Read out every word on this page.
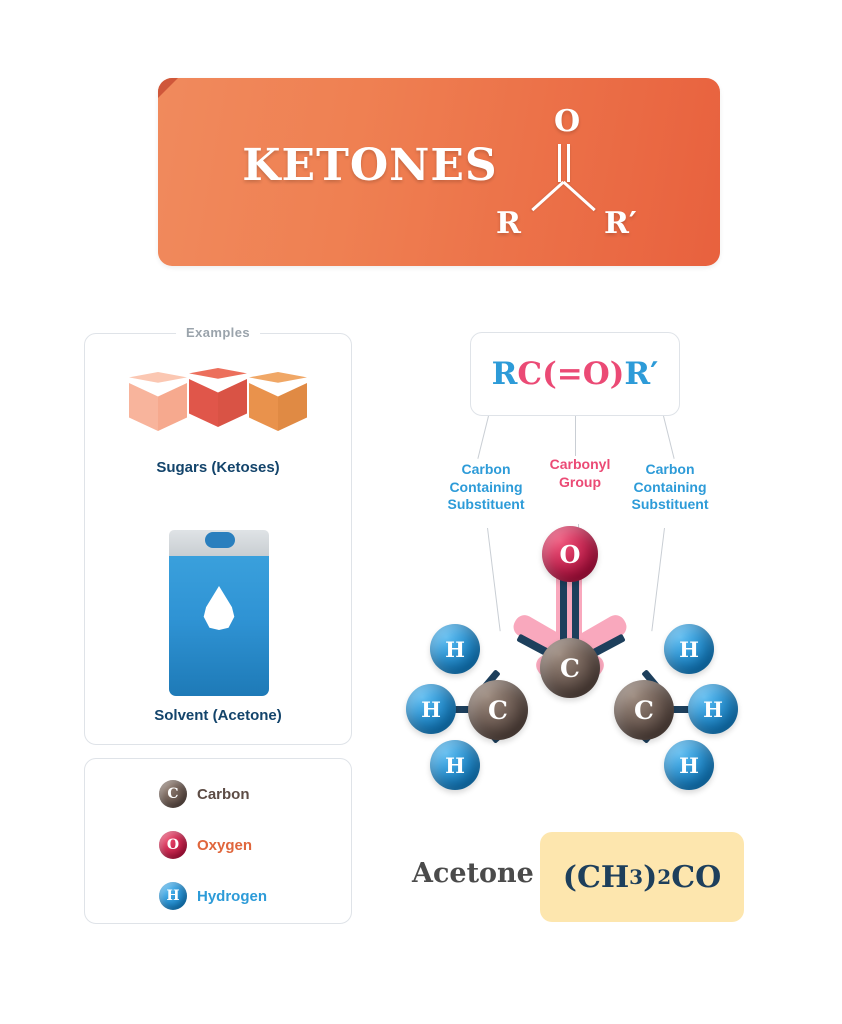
KETONES
O
R	R′
Examples
Sugars (Ketoses)
Solvent (Acetone)
C	Carbon
O	Oxygen
H	Hydrogen
R C (=O) R′
Carbon
Containing
Substituent
Carbonyl
Group
Carbon
Containing
Substituent
O
C
C	C
H
H
H
H
H
H
Acetone (CH 3 ) 2 CO
